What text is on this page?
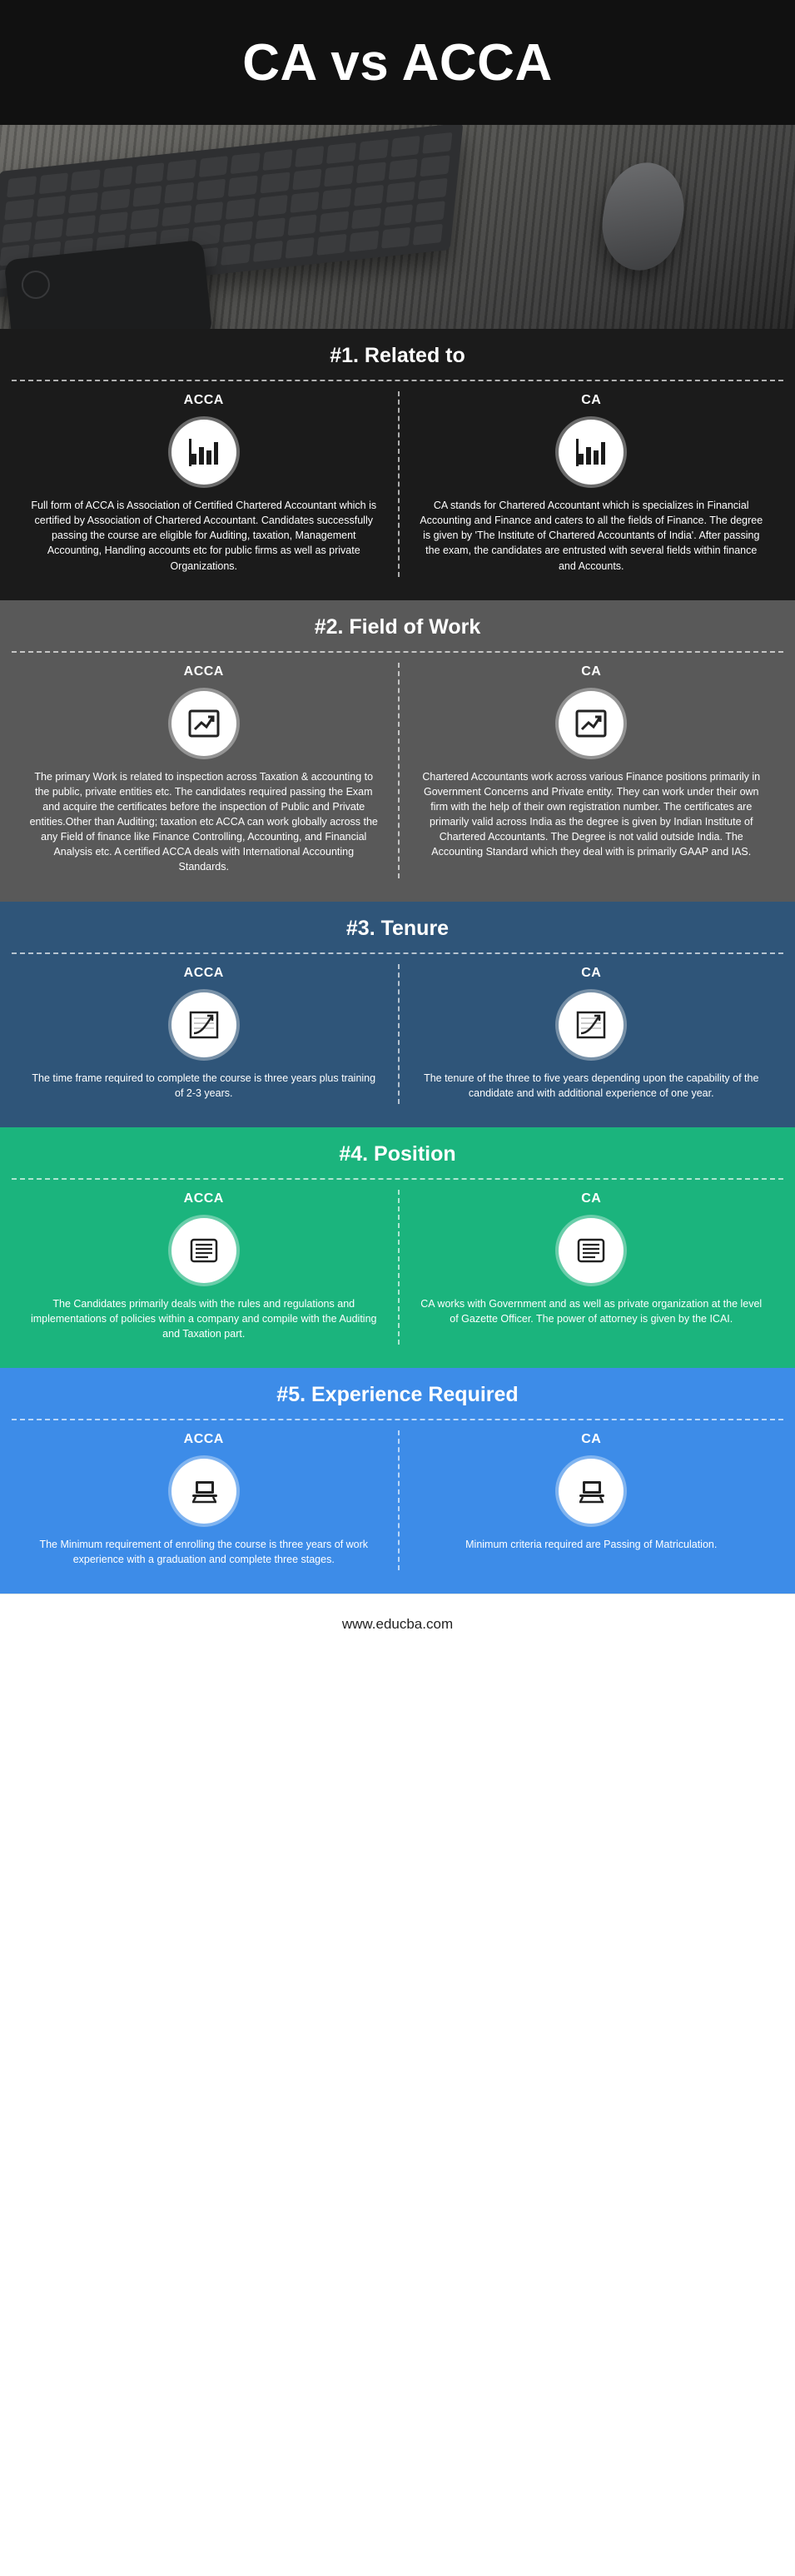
CA vs ACCA
#1. Related to
ACCA

Full form of ACCA is Association of Certified Chartered Accountant which is certified by Association of Chartered Accountant. Candidates successfully passing the course are eligible for Auditing, taxation, Management Accounting, Handling accounts etc for public firms as well as private Organizations.

CA

CA stands for Chartered Accountant which is specializes in Financial Accounting and Finance and caters to all the fields of Finance. The degree is given by 'The Institute of Chartered Accountants of India'. After passing the exam, the candidates are entrusted with several fields within finance and Accounts.

#2. Field of Work
ACCA

The primary Work is related to inspection across Taxation & accounting to the public, private entities etc. The candidates required passing the Exam and acquire the certificates before the inspection of Public and Private entities.Other than Auditing; taxation etc ACCA can work globally across the any Field of finance like Finance Controlling, Accounting, and Financial Analysis etc. A certified ACCA deals with International Accounting Standards.

CA

Chartered Accountants work across various Finance positions primarily in Government Concerns and Private entity. They can work under their own firm with the help of their own registration number. The certificates are primarily valid across India as the degree is given by Indian Institute of Chartered Accountants. The Degree is not valid outside India. The Accounting Standard which they deal with is primarily GAAP and IAS.

#3. Tenure
ACCA

The time frame required to complete the course is three years plus training of 2-3 years.

CA

The tenure of the three to five years depending upon the capability of the candidate and with additional experience of one year.

#4. Position
ACCA

The Candidates primarily deals with the rules and regulations and implementations of policies within a company and compile with the Auditing and Taxation part.

CA

CA works with Government and as well as private organization at the level of Gazette Officer. The power of attorney is given by the ICAI.

#5. Experience Required
ACCA

The Minimum requirement of enrolling the course is three years of work experience with a graduation and complete three stages.

CA

Minimum criteria required are Passing of Matriculation.

www.educba.com
